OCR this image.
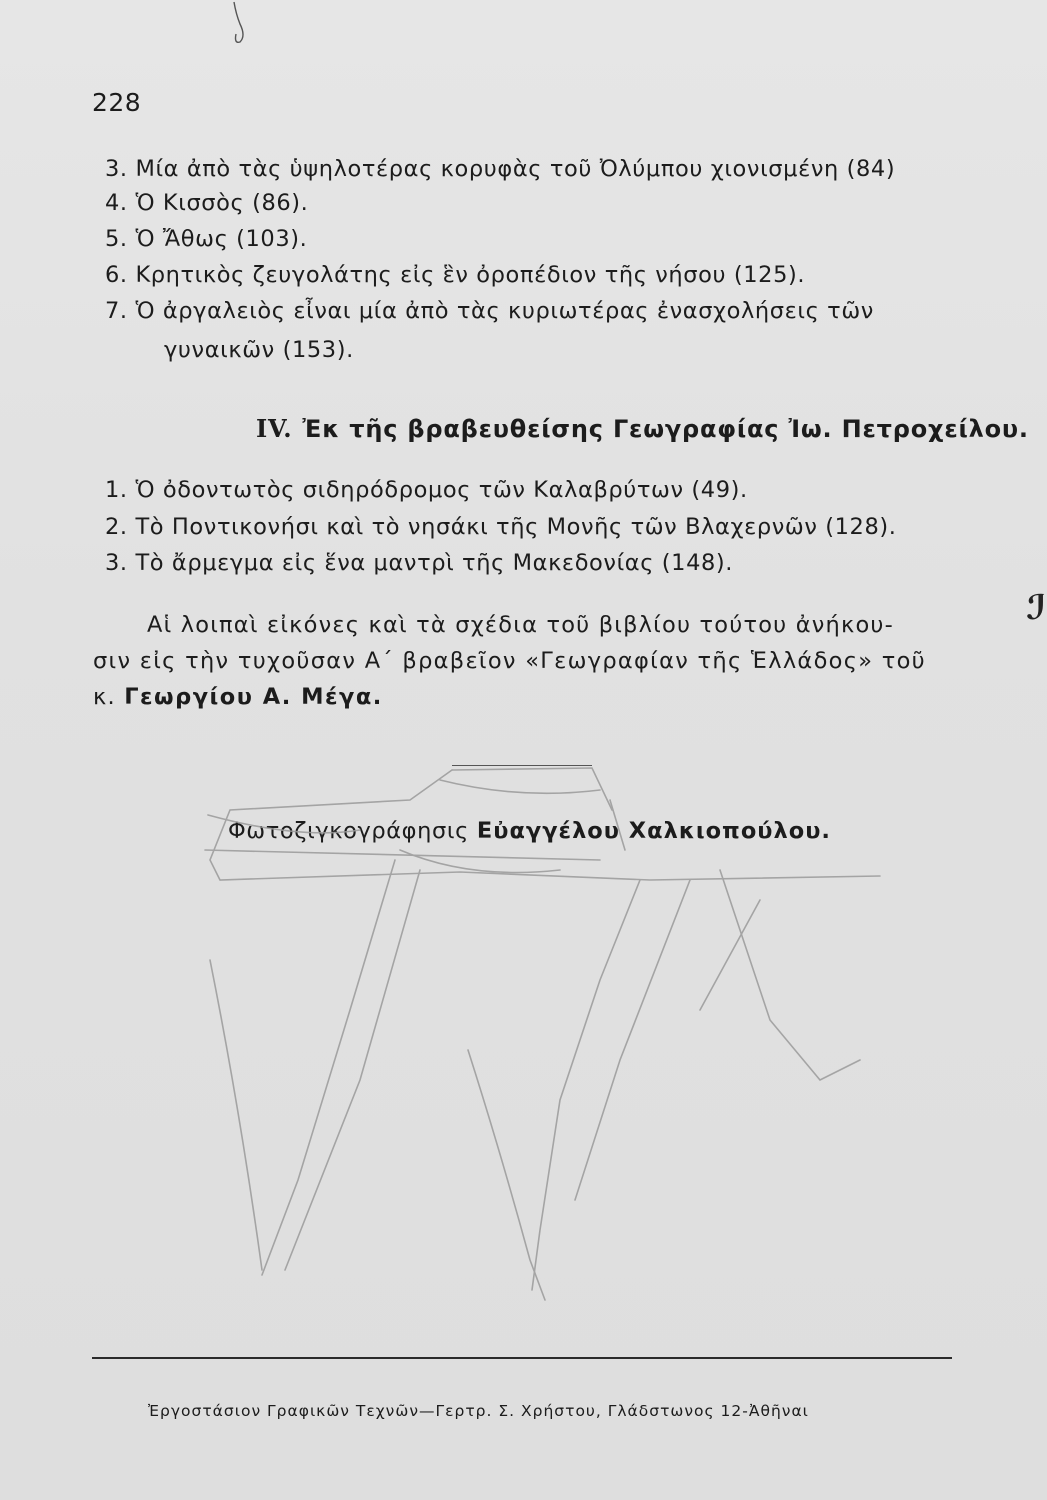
228
3. Μία ἀπὸ τὰς ὑψηλοτέρας κορυφὰς τοῦ Ὀλύμπου χιονισμένη (84)
4. Ὁ Κισσὸς (86).
5. Ὁ Ἄθως (103).
6. Κρητικὸς ζευγολάτης εἰς ἓν ὀροπέδιον τῆς νήσου (125).
7. Ὁ ἀργαλειὸς εἶναι μία ἀπὸ τὰς κυριωτέρας ἐνασχολήσεις τῶν
γυναικῶν (153).
IV. Ἐκ τῆς βραβευθείσης Γεωγραφίας Ἰω. Πετροχείλου.
1. Ὁ ὀδοντωτὸς σιδηρόδρομος τῶν Καλαβρύτων (49).
2. Τὸ Ποντικονήσι καὶ τὸ νησάκι τῆς Μονῆς τῶν Βλαχερνῶν (128).
3. Τὸ ἄρμεγμα εἰς ἕνα μαντρὶ τῆς Μακεδονίας (148).
Αἱ λοιπαὶ εἰκόνες καὶ τὰ σχέδια τοῦ βιβλίου τούτου ἀνήκου-
σιν εἰς τὴν τυχοῦσαν Α΄ βραβεῖον «Γεωγραφίαν τῆς Ἑλλάδος» τοῦ
κ. Γεωργίου Α. Μέγα.
Φωτοζιγκογράφησις Εὐαγγέλου Χαλκιοπούλου.
ℐ
Ἐργοστάσιον Γραφικῶν Τεχνῶν—Γερτρ. Σ. Χρήστου, Γλάδστωνος 12-Ἀθῆναι
